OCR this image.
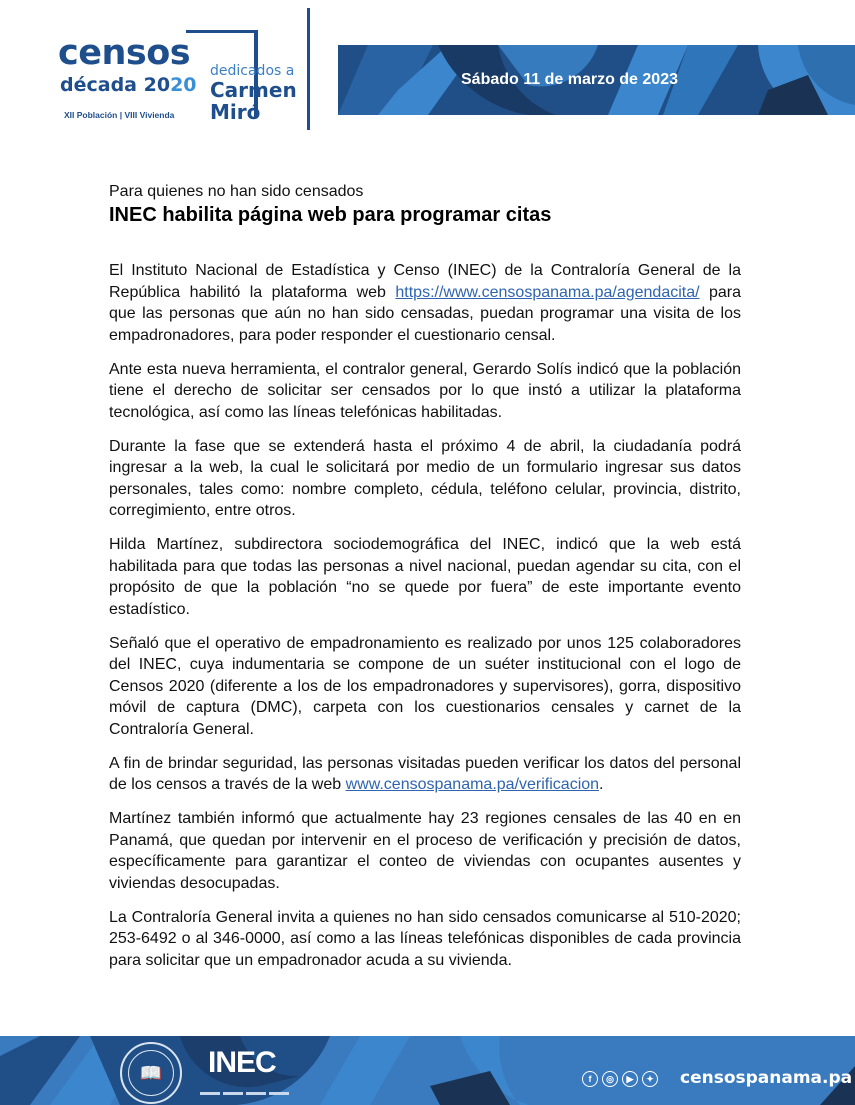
censos
década 2020
XII Población | VIII Vivienda
dedicados a
Carmen
Miró
Sábado 11 de marzo de 2023
Para quienes no han sido censados
INEC habilita página web para programar citas

El Instituto Nacional de Estadística y Censo (INEC) de la Contraloría General de la República habilitó la plataforma web https://www.censospanama.pa/agendacita/ para que las personas que aún no han sido censadas, puedan programar una visita de los empadronadores, para poder responder el cuestionario censal.

Ante esta nueva herramienta, el contralor general, Gerardo Solís indicó que la población tiene el derecho de solicitar ser censados por lo que instó a utilizar la plataforma tecnológica, así como las líneas telefónicas habilitadas.

Durante la fase que se extenderá hasta el próximo 4 de abril, la ciudadanía podrá ingresar a la web, la cual le solicitará por medio de un formulario ingresar sus datos personales, tales como: nombre completo, cédula, teléfono celular, provincia, distrito, corregimiento, entre otros.

Hilda Martínez, subdirectora sociodemográfica del INEC, indicó que la web está habilitada para que todas las personas a nivel nacional, puedan agendar su cita, con el propósito de que la población “no se quede por fuera” de este importante evento estadístico.

Señaló que el operativo de empadronamiento es realizado por unos 125 colaboradores del INEC, cuya indumentaria se compone de un suéter institucional con el logo de Censos 2020 (diferente a los de los empadronadores y supervisores), gorra, dispositivo móvil de captura (DMC), carpeta con los cuestionarios censales y carnet de la Contraloría General.

A fin de brindar seguridad, las personas visitadas pueden verificar los datos del personal de los censos a través de la web www.censospanama.pa/verificacion.

Martínez también informó que actualmente hay 23 regiones censales de las 40 en en Panamá, que quedan por intervenir en el proceso de verificación y precisión de datos, específicamente para garantizar el conteo de viviendas con ocupantes ausentes y viviendas desocupadas.

La Contraloría General invita a quienes no han sido censados comunicarse al 510-2020; 253-6492 o al 346-0000, así como a las líneas telefónicas disponibles de cada provincia para solicitar que un empadronador acuda a su vivienda.

📖	INEC	f	◎	▶	✦ censospanama.pa
